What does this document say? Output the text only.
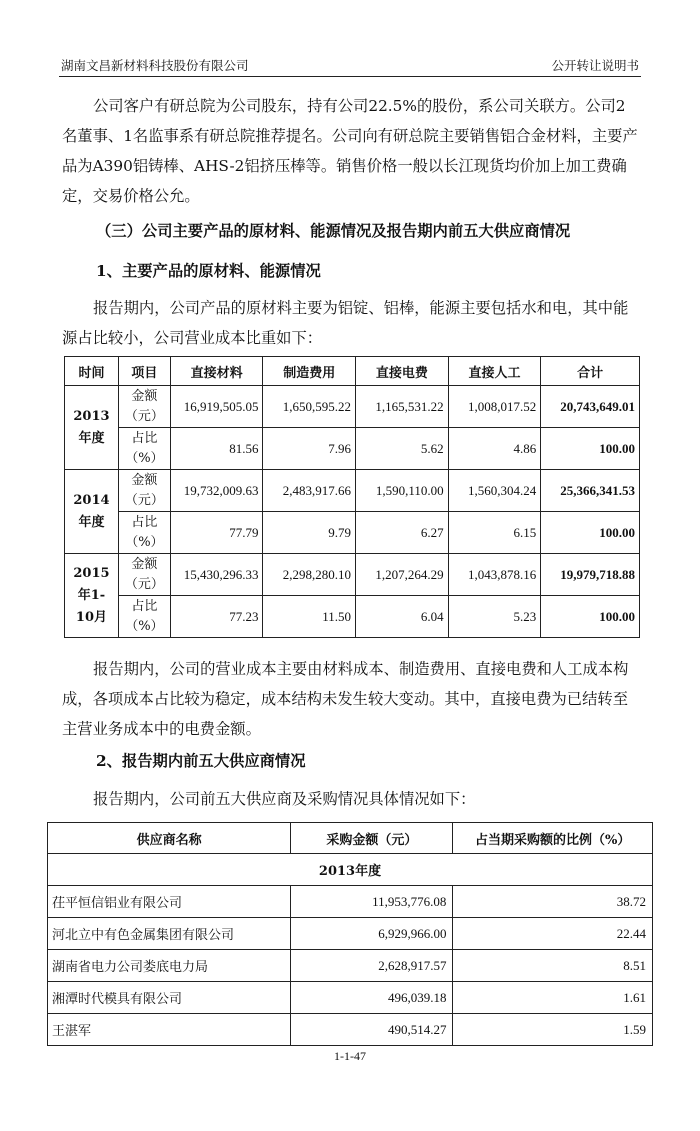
湖南文昌新材料科技股份有限公司	公开转让说明书
公司客户有研总院为公司股东，持有公司22.5%的股份，系公司关联方。公司2名董事、1名监事系有研总院推荐提名。公司向有研总院主要销售铝合金材料，主要产品为A390铝铸棒、AHS-2铝挤压棒等。销售价格一般以长江现货均价加上加工费确定，交易价格公允。
（三）公司主要产品的原材料、能源情况及报告期内前五大供应商情况
1、主要产品的原材料、能源情况
报告期内，公司产品的原材料主要为铝锭、铝棒，能源主要包括水和电，其中能源占比较小，公司营业成本比重如下：
时间	项目	直接材料	制造费用	直接电费	直接人工	合计
2013年度	金额（元）	16,919,505.05	1,650,595.22	1,165,531.22	1,008,017.52	20,743,649.01
	占比（%）	81.56	7.96	5.62	4.86	100.00
2014年度	金额（元）	19,732,009.63	2,483,917.66	1,590,110.00	1,560,304.24	25,366,341.53
	占比（%）	77.79	9.79	6.27	6.15	100.00
2015年1-10月	金额（元）	15,430,296.33	2,298,280.10	1,207,264.29	1,043,878.16	19,979,718.88
	占比（%）	77.23	11.50	6.04	5.23	100.00
报告期内，公司的营业成本主要由材料成本、制造费用、直接电费和人工成本构成，各项成本占比较为稳定，成本结构未发生较大变动。其中，直接电费为已结转至主营业务成本中的电费金额。
2、报告期内前五大供应商情况
报告期内，公司前五大供应商及采购情况具体情况如下：
供应商名称	采购金额（元）	占当期采购额的比例（%）
2013年度		
茌平恒信铝业有限公司	11,953,776.08	38.72
河北立中有色金属集团有限公司	6,929,966.00	22.44
湖南省电力公司娄底电力局	2,628,917.57	8.51
湘潭时代模具有限公司	496,039.18	1.61
王湛军	490,514.27	1.59
1-1-47
